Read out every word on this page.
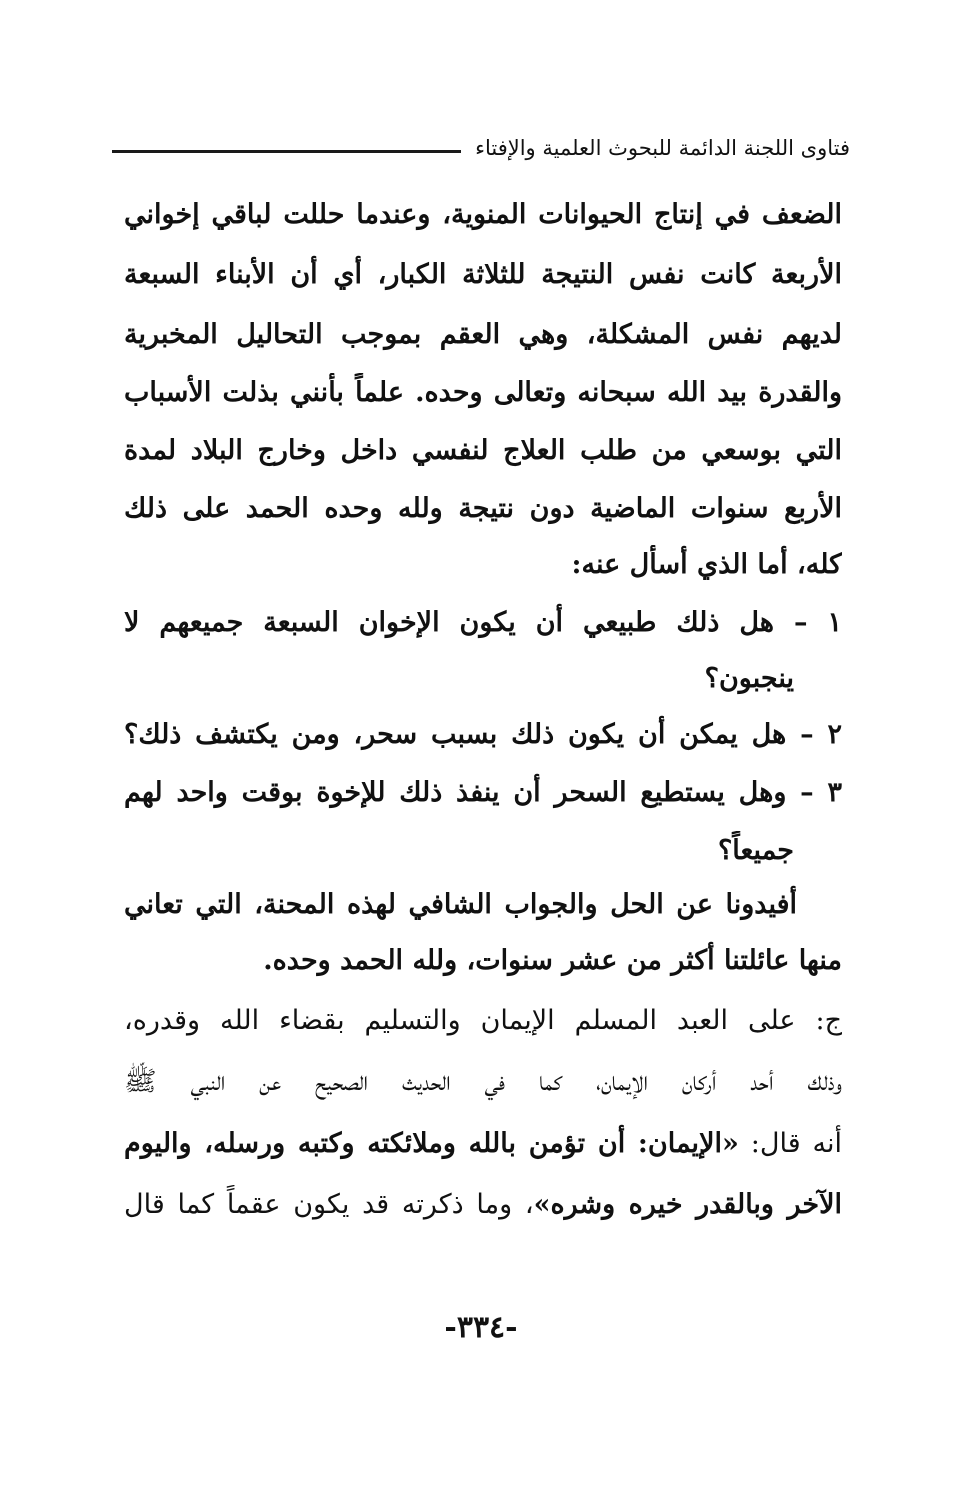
فتاوى اللجنة الدائمة للبحوث العلمية والإفتاء
الضعف في إنتاج الحيوانات المنوية، وعندما حللت لباقي إخواني
الأربعة كانت نفس النتيجة للثلاثة الكبار، أي أن الأبناء السبعة
لديهم نفس المشكلة، وهي العقم بموجب التحاليل المخبرية
والقدرة بيد الله سبحانه وتعالى وحده. علماً بأنني بذلت الأسباب
التي بوسعي من طلب العلاج لنفسي داخل وخارج البلاد لمدة
الأربع سنوات الماضية دون نتيجة ولله وحده الحمد على ذلك
كله، أما الذي أسأل عنه:
١ – هل ذلك طبيعي أن يكون الإخوان السبعة جميعهم لا
ينجبون؟
٢ – هل يمكن أن يكون ذلك بسبب سحر، ومن يكتشف ذلك؟
٣ – وهل يستطيع السحر أن ينفذ ذلك للإخوة بوقت واحد لهم
جميعاً؟
أفيدونا عن الحل والجواب الشافي لهذه المحنة، التي تعاني
منها عائلتنا أكثر من عشر سنوات، ولله الحمد وحده.
ج: على العبد المسلم الإيمان والتسليم بقضاء الله وقدره،
وذلك أحد أركان الإيمان، كما في الحديث الصحيح عن النبي ﷺ
أنه قال: «الإيمان: أن تؤمن بالله وملائكته وكتبه ورسله، واليوم
الآخر وبالقدر خيره وشره»، وما ذكرته قد يكون عقماً كما قال
-٣٣٤-
